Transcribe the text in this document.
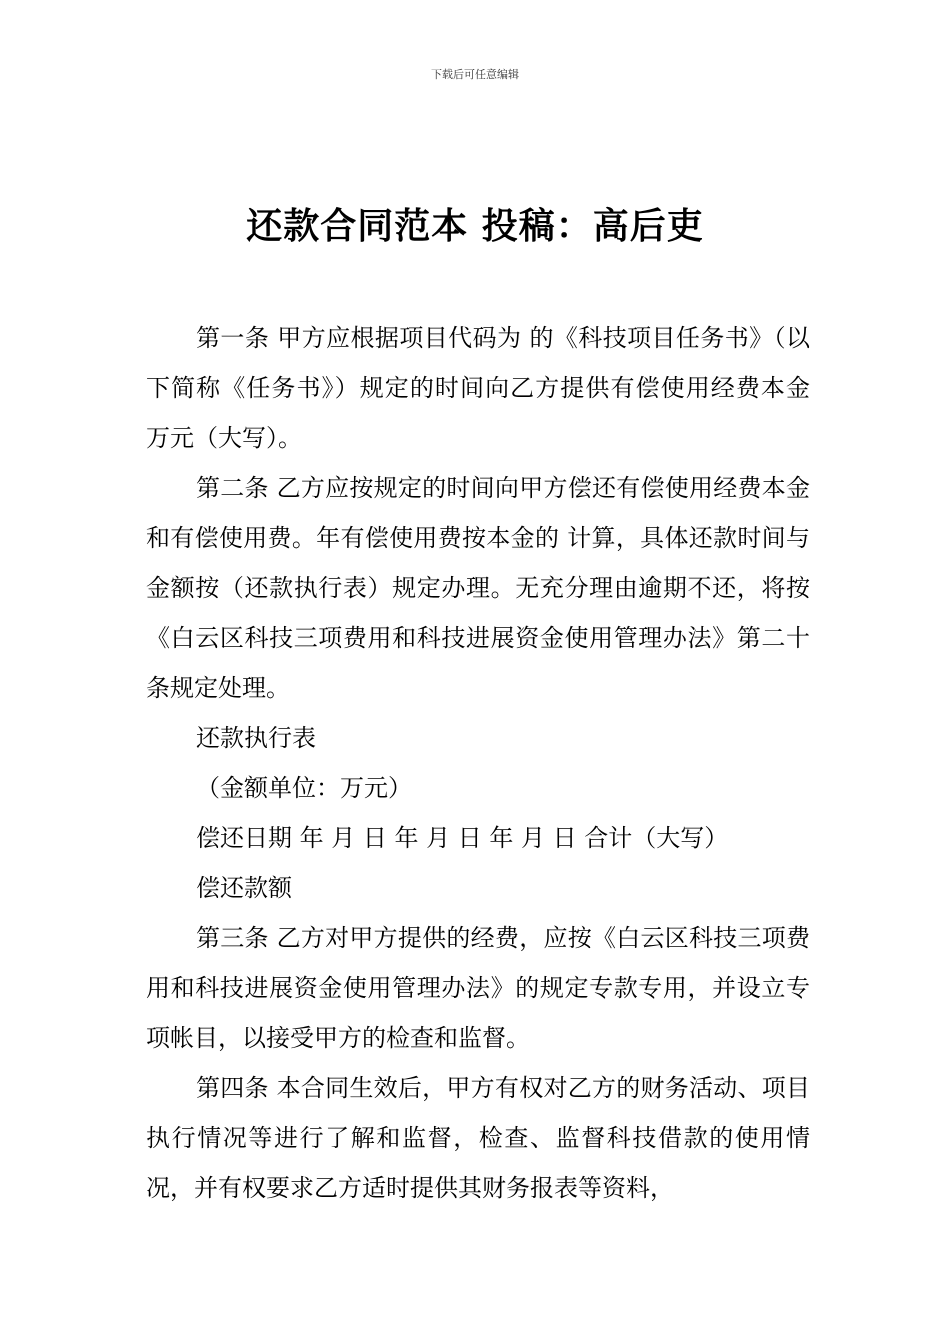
下载后可任意编辑
还款合同范本 投稿：高后吏

第一条 甲方应根据项目代码为 的《科技项目任务书》（以下简称《任务书》）规定的时间向乙方提供有偿使用经费本金 万元（大写）。

第二条 乙方应按规定的时间向甲方偿还有偿使用经费本金和有偿使用费。年有偿使用费按本金的 计算，具体还款时间与金额按（还款执行表）规定办理。无充分理由逾期不还，将按《白云区科技三项费用和科技进展资金使用管理办法》第二十条规定处理。

还款执行表

（金额单位：万元）

偿还日期 年 月 日 年 月 日 年 月 日 合计（大写）

偿还款额

第三条 乙方对甲方提供的经费，应按《白云区科技三项费用和科技进展资金使用管理办法》的规定专款专用，并设立专项帐目，以接受甲方的检查和监督。

第四条 本合同生效后，甲方有权对乙方的财务活动、项目执行情况等进行了解和监督，检查、监督科技借款的使用情况，并有权要求乙方适时提供其财务报表等资料，
